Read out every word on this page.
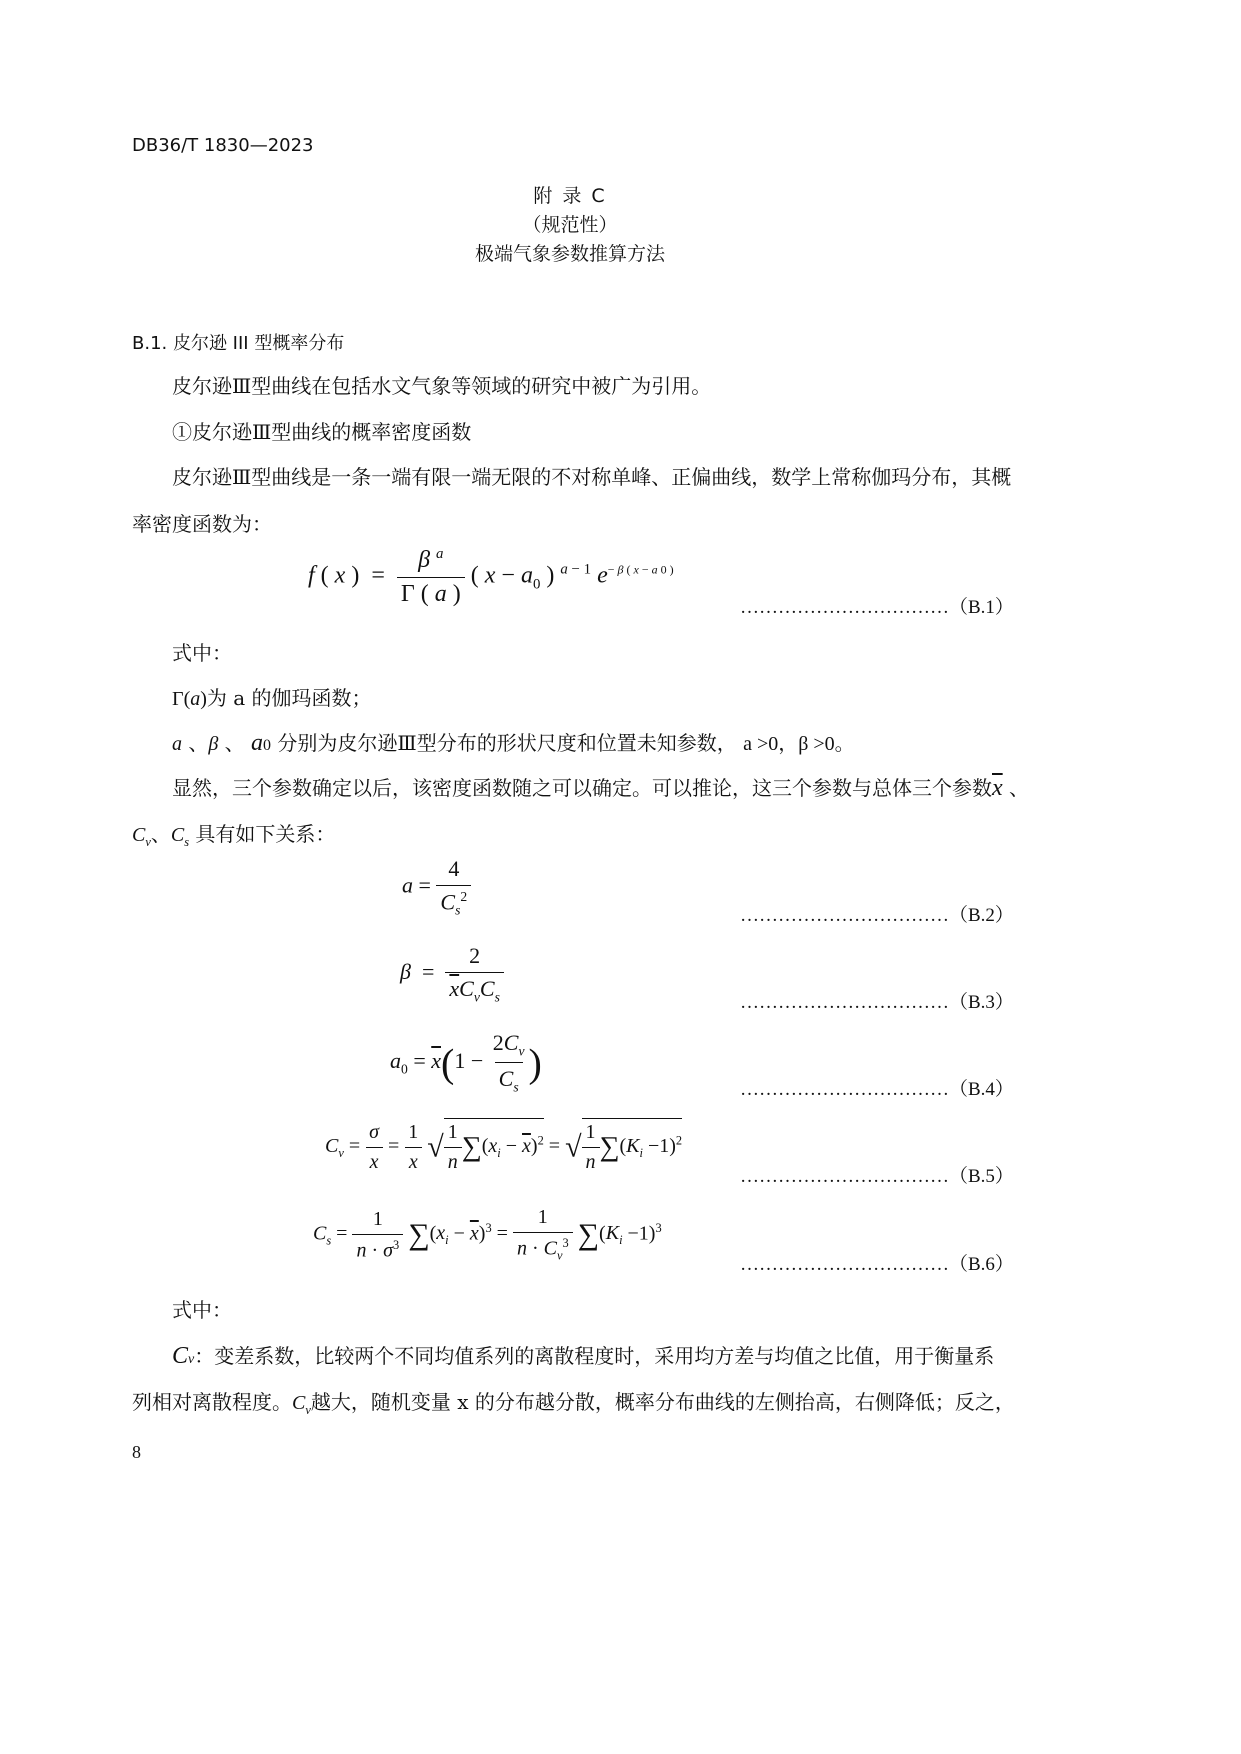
DB36/T 1830—2023
附 录 C
（规范性）
极端气象参数推算方法
B.1. 皮尔逊 III 型概率分布
皮尔逊Ⅲ型曲线在包括水文气象等领域的研究中被广为引用。
①皮尔逊Ⅲ型曲线的概率密度函数
皮尔逊Ⅲ型曲线是一条一端有限一端无限的不对称单峰、正偏曲线，数学上常称伽玛分布，其概
率密度函数为：
f ( x )  = $\frac{\beta ^a}{\Gamma ( a )}$ ( $x - a_0$ ) $^{a - 1}$ $e^{- \beta ( x - a 0 )}$
……………………………（B.1）
式中：
Γ(a)为 a 的伽玛函数；
a 、β 、 a0 分别为皮尔逊Ⅲ型分布的形状尺度和位置未知参数， a >0，β >0。
显然，三个参数确定以后，该密度函数随之可以确定。可以推论，这三个参数与总体三个参数$\overline{x}$ 、
$C_v$、$C_s$ 具有如下关系：
$a = \frac{4}{C_s^2}$	……………………………（B.2）
$\beta = \frac{2}{\overline{x}C_vC_s}$	……………………………（B.3）
$a_0 = \overline{x}(1 - \frac{2C_v}{C_s}$ )
……………………………（B.4）
$C_v = \frac{\sigma}{x} = \frac{1}{x}$ √ $\frac{1}{n} \sum(x_i - \overline{x})^2$ = √ $\frac{1}{n} \sum(K_i -1)^2$
……………………………（B.5）
$C_s = \frac{1}{n \cdot \sigma^3} \sum(x_i - \overline{x})^3 = \frac{1}{n \cdot C_v^3} \sum(K_i -1)^3$
……………………………（B.6）
式中：
Cv：变差系数，比较两个不同均值系列的离散程度时，采用均方差与均值之比值，用于衡量系
列相对离散程度。$C_v$越大，随机变量 x 的分布越分散，概率分布曲线的左侧抬高，右侧降低；反之，
8
